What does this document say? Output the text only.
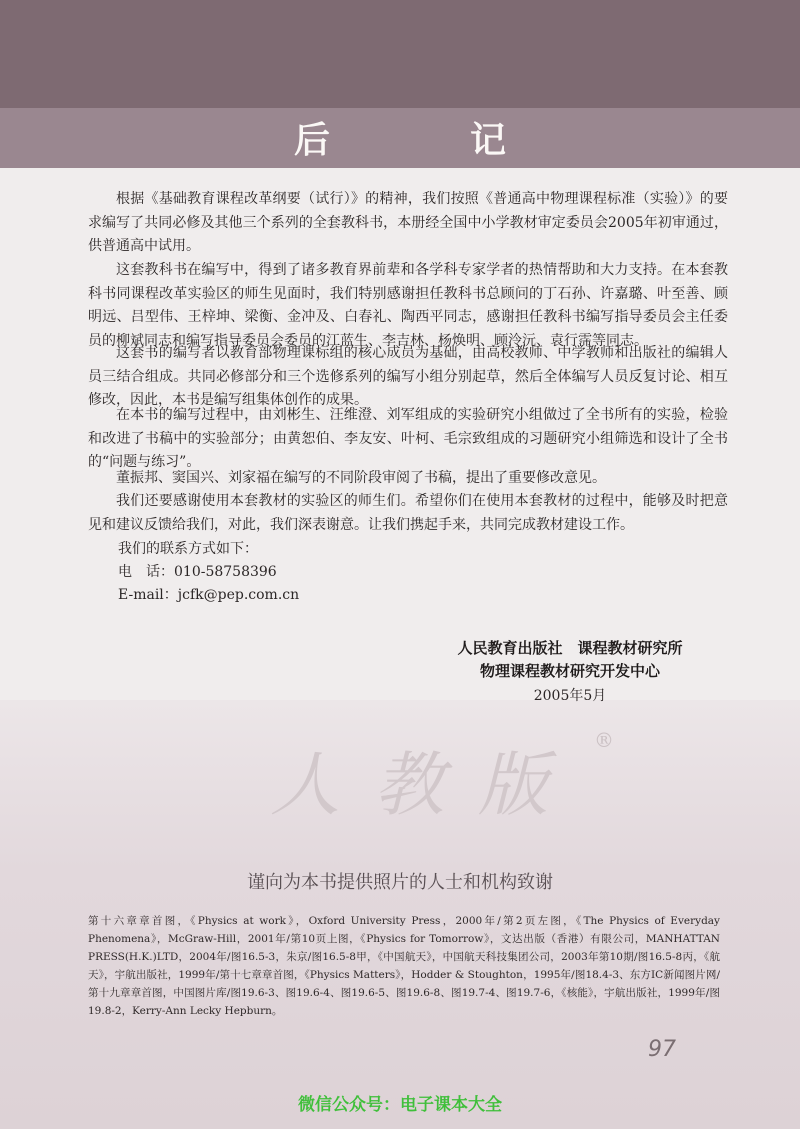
后　记

根据《基础教育课程改革纲要（试行）》的精神，我们按照《普通高中物理课程标准（实验）》的要求编写了共同必修及其他三个系列的全套教科书，本册经全国中小学教材审定委员会2005年初审通过，供普通高中试用。

这套教科书在编写中，得到了诸多教育界前辈和各学科专家学者的热情帮助和大力支持。在本套教科书同课程改革实验区的师生见面时，我们特别感谢担任教科书总顾问的丁石孙、许嘉璐、叶至善、顾明远、吕型伟、王梓坤、梁衡、金冲及、白春礼、陶西平同志，感谢担任教科书编写指导委员会主任委员的柳斌同志和编写指导委员会委员的江蓝生、李吉林、杨焕明、顾泠沅、袁行霈等同志。

这套书的编写者以教育部物理课标组的核心成员为基础，由高校教师、中学教师和出版社的编辑人员三结合组成。共同必修部分和三个选修系列的编写小组分别起草，然后全体编写人员反复讨论、相互修改，因此，本书是编写组集体创作的成果。

在本书的编写过程中，由刘彬生、汪维澄、刘军组成的实验研究小组做过了全书所有的实验，检验和改进了书稿中的实验部分；由黄恕伯、李友安、叶柯、毛宗致组成的习题研究小组筛选和设计了全书的“问题与练习”。

董振邦、窦国兴、刘家福在编写的不同阶段审阅了书稿，提出了重要修改意见。

我们还要感谢使用本套教材的实验区的师生们。希望你们在使用本套教材的过程中，能够及时把意见和建议反馈给我们，对此，我们深表谢意。让我们携起手来，共同完成教材建设工作。

我们的联系方式如下：
电　话：010-58758396
E-mail：jcfk@pep.com.cn
人民教育出版社　课程教材研究所
物理课程教材研究开发中心
2005年5月
人教版
®
谨向为本书提供照片的人士和机构致谢
第十六章章首图，《Physics at work》，Oxford University Press，2000年/第2页左图，《The Physics of Everyday Phenomena》，McGraw-Hill，2001年/第10页上图，《Physics for Tomorrow》，文达出版（香港）有限公司，MANHATTAN PRESS(H.K.)LTD，2004年/图16.5-3，朱京/图16.5-8甲，《中国航天》，中国航天科技集团公司，2003年第10期/图16.5-8丙，《航天》，宇航出版社，1999年/第十七章章首图，《Physics Matters》，Hodder & Stoughton，1995年/图18.4-3、东方IC新闻图片网/第十九章章首图，中国图片库/图19.6-3、图19.6-4、图19.6-5、图19.6-8、图19.7-4、图19.7-6，《核能》，宇航出版社，1999年/图19.8-2，Kerry-Ann Lecky Hepburn。
97
微信公众号：电子课本大全
